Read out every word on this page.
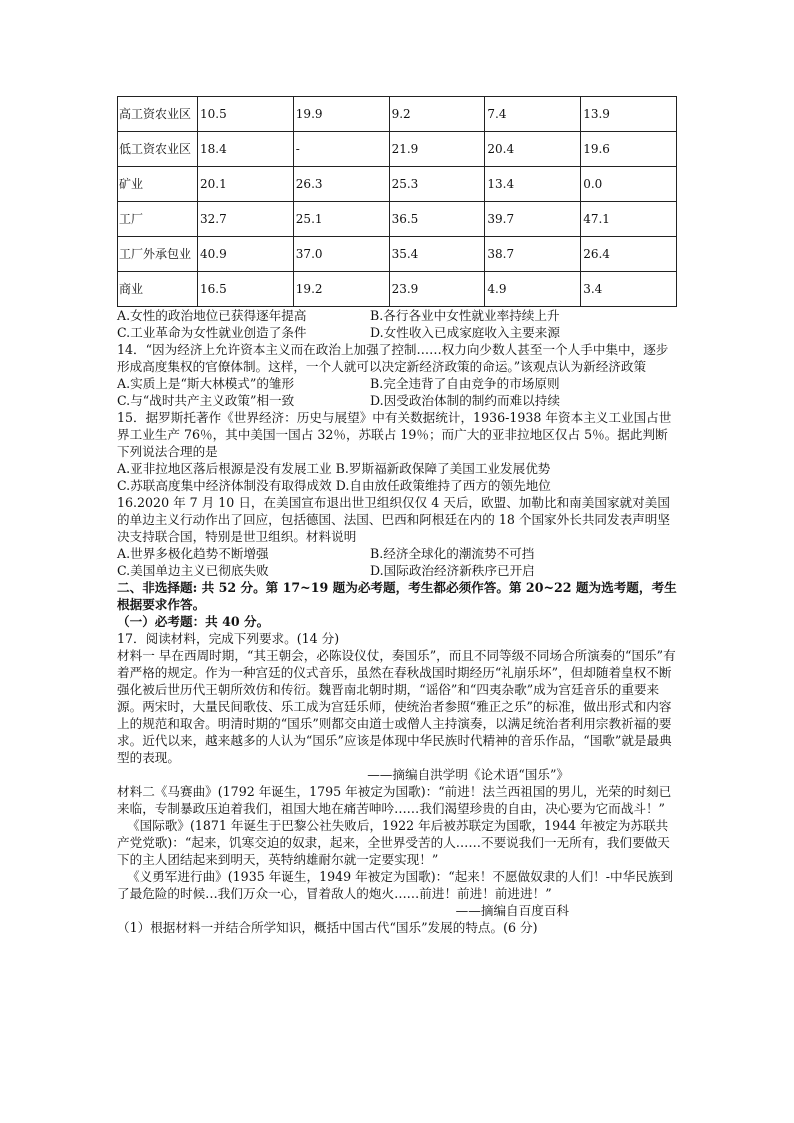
高工资农业区	10.5	19.9	9.2	7.4	13.9
低工资农业区	18.4	-	21.9	20.4	19.6
矿业	20.1	26.3	25.3	13.4	0.0
工厂	32.7	25.1	36.5	39.7	47.1
工厂外承包业	40.9	37.0	35.4	38.7	26.4
商业	16.5	19.2	23.9	4.9	3.4
A.女性的政治地位已获得逐年提高	B.各行各业中女性就业率持续上升
C.工业革命为女性就业创造了条件	D.女性收入已成家庭收入主要来源

14．“因为经济上允许资本主义而在政治上加强了控制……权力向少数人甚至一个人手中集中，逐步形成高度集权的官僚体制。这样，一个人就可以决定新经济政策的命运。”该观点认为新经济政策

A.实质上是“斯大林模式”的雏形	B.完全违背了自由竞争的市场原则
C.与“战时共产主义政策”相一致	D.因受政治体制的制约而难以持续

15．据罗斯托著作《世界经济：历史与展望》中有关数据统计，1936-1938 年资本主义工业国占世界工业生产 76％，其中美国一国占 32％，苏联占 19％；而广大的亚非拉地区仅占 5％。据此判断下列说法合理的是

A.亚非拉地区落后根源是没有发展工业 B.罗斯福新政保障了美国工业发展优势

C.苏联高度集中经济体制没有取得成效 D.自由放任政策维持了西方的领先地位

16.2020 年 7 月 10 日，在美国宣布退出世卫组织仅仅 4 天后，欧盟、加勒比和南美国家就对美国的单边主义行动作出了回应，包括德国、法国、巴西和阿根廷在内的 18 个国家外长共同发表声明坚决支持联合国，特别是世卫组织。材料说明

A.世界多极化趋势不断增强	B.经济全球化的潮流势不可挡
C.美国单边主义已彻底失败	D.国际政治经济新秩序已开启

二、非选择题: 共 52 分。第 17~19 题为必考题，考生都必须作答。第 20~22 题为选考题，考生根据要求作答。

（一）必考题：共 40 分。

17．阅读材料，完成下列要求。(14 分)

材料一 早在西周时期，“其王朝会，必陈设仪仗，奏国乐”，而且不同等级不同场合所演奏的“国乐”有着严格的规定。作为一种宫廷的仪式音乐，虽然在春秋战国时期经历“礼崩乐坏”，但却随着皇权不断强化被后世历代王朝所效仿和传衍。魏晋南北朝时期，“谣俗”和“四夷杂歌”成为宫廷音乐的重要来源。两宋时，大量民间歌伎、乐工成为宫廷乐师，使统治者参照“雅正之乐”的标准，做出形式和内容上的规范和取舍。明清时期的“国乐”则都交由道士或僧人主持演奏，以满足统治者利用宗教祈福的要求。近代以来，越来越多的人认为“国乐”应该是体现中华民族时代精神的音乐作品，“国歌”就是最典型的表现。

——摘编自洪学明《论术语“国乐”》

材料二《马赛曲》(1792 年诞生，1795 年被定为国歌)：“前进！法兰西祖国的男儿，光荣的时刻已来临，专制暴政压迫着我们，祖国大地在痛苦呻吟……我们渴望珍贵的自由，决心要为它而战斗！”

《国际歌》(1871 年诞生于巴黎公社失败后，1922 年后被苏联定为国歌，1944 年被定为苏联共产党党歌)：“起来，饥寒交迫的奴隶，起来，全世界受苦的人……不要说我们一无所有，我们要做天下的主人团结起来到明天，英特纳雄耐尔就一定要实现！”

《义勇军进行曲》(1935 年诞生，1949 年被定为国歌)：“起来！不愿做奴隶的人们！-中华民族到了最危险的时候…我们万众一心，冒着敌人的炮火……前进！前进！前进进！”

——摘编自百度百科

（1）根据材料一并结合所学知识，概括中国古代“国乐”发展的特点。(6 分)
